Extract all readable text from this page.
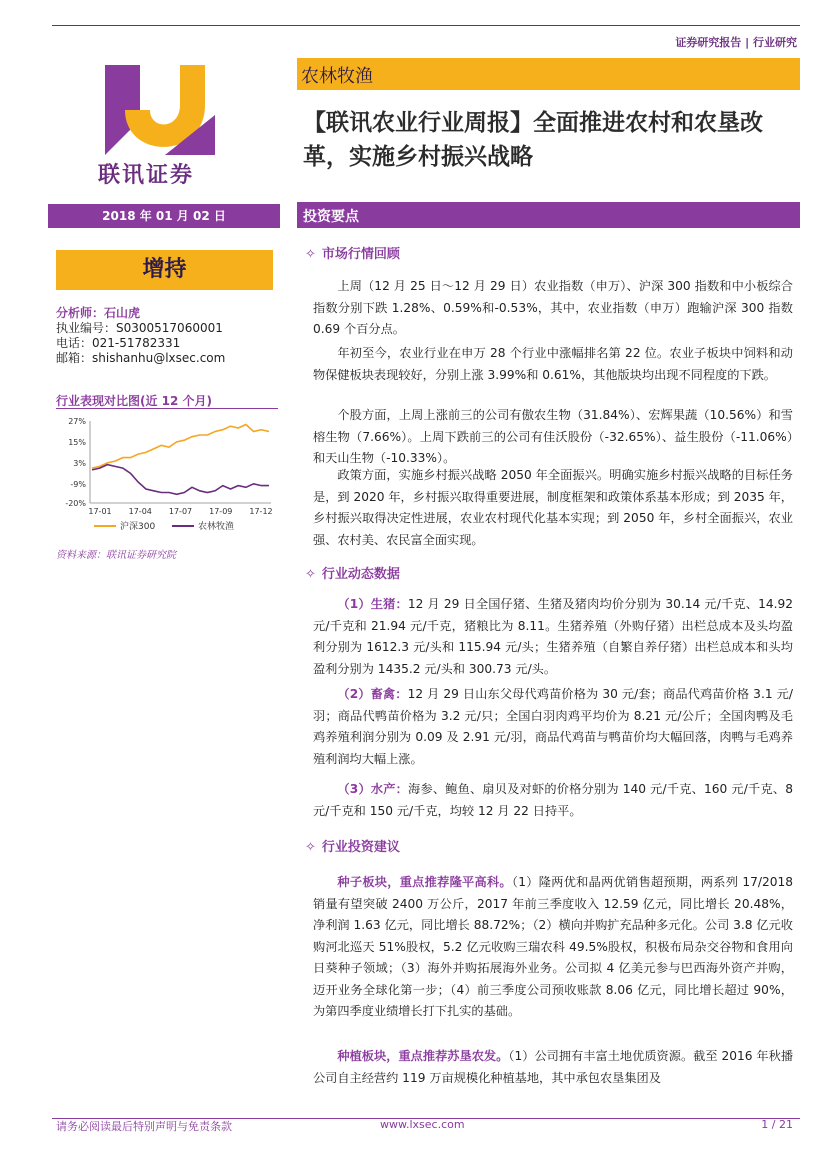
证券研究报告 | 行业研究
联讯证券
农林牧渔
【联讯农业行业周报】全面推进农村和农垦改革，实施乡村振兴战略
2018 年 01 月 02 日	投资要点
增持
分析师：石山虎
执业编号：S0300517060001
电话：021-51782331
邮箱：shishanhu@lxsec.com
行业表现对比图(近 12 个月)
27%
15%
3%
-9%
-20%
17-01 17-04 17-07 17-09 17-12
沪深300	农林牧渔
资料来源：联讯证券研究院
✧ 市场行情回顾
上周（12 月 25 日～12 月 29 日）农业指数（申万）、沪深 300 指数和中小板综合指数分别下跌 1.28%、0.59%和-0.53%，其中，农业指数（申万）跑输沪深 300 指数 0.69 个百分点。
年初至今，农业行业在申万 28 个行业中涨幅排名第 22 位。农业子板块中饲料和动物保健板块表现较好，分别上涨 3.99%和 0.61%，其他版块均出现不同程度的下跌。
个股方面，上周上涨前三的公司有傲农生物（31.84%）、宏辉果蔬（10.56%）和雪榕生物（7.66%）。上周下跌前三的公司有佳沃股份（-32.65%）、益生股份（-11.06%）和天山生物（-10.33%）。
政策方面，实施乡村振兴战略 2050 年全面振兴。明确实施乡村振兴战略的目标任务是，到 2020 年，乡村振兴取得重要进展，制度框架和政策体系基本形成；到 2035 年，乡村振兴取得决定性进展，农业农村现代化基本实现；到 2050 年，乡村全面振兴，农业强、农村美、农民富全面实现。
✧ 行业动态数据
（1）生猪：12 月 29 日全国仔猪、生猪及猪肉均价分别为 30.14 元/千克、14.92 元/千克和 21.94 元/千克，猪粮比为 8.11。生猪养殖（外购仔猪）出栏总成本及头均盈利分别为 1612.3 元/头和 115.94 元/头；生猪养殖（自繁自养仔猪）出栏总成本和头均盈利分别为 1435.2 元/头和 300.73 元/头。
（2）畜禽：12 月 29 日山东父母代鸡苗价格为 30 元/套；商品代鸡苗价格 3.1 元/羽；商品代鸭苗价格为 3.2 元/只；全国白羽肉鸡平均价为 8.21 元/公斤；全国肉鸭及毛鸡养殖利润分别为 0.09 及 2.91 元/羽，商品代鸡苗与鸭苗价均大幅回落，肉鸭与毛鸡养殖利润均大幅上涨。
（3）水产：海参、鲍鱼、扇贝及对虾的价格分别为 140 元/千克、160 元/千克、8 元/千克和 150 元/千克，均较 12 月 22 日持平。
✧ 行业投资建议
种子板块，重点推荐隆平高科。（1）隆两优和晶两优销售超预期，两系列 17/2018 销量有望突破 2400 万公斤，2017 年前三季度收入 12.59 亿元，同比增长 20.48%，净利润 1.63 亿元，同比增长 88.72%；（2）横向并购扩充品种多元化。公司 3.8 亿元收购河北巡天 51%股权，5.2 亿元收购三瑞农科 49.5%股权，积极布局杂交谷物和食用向日葵种子领域；（3）海外并购拓展海外业务。公司拟 4 亿美元参与巴西海外资产并购，迈开业务全球化第一步；（4）前三季度公司预收账款 8.06 亿元，同比增长超过 90%，为第四季度业绩增长打下扎实的基础。
种植板块，重点推荐苏垦农发。（1）公司拥有丰富土地优质资源。截至 2016 年秋播公司自主经营约 119 万亩规模化种植基地，其中承包农垦集团及
请务必阅读最后特别声明与免责条款	www.lxsec.com	1 / 21
